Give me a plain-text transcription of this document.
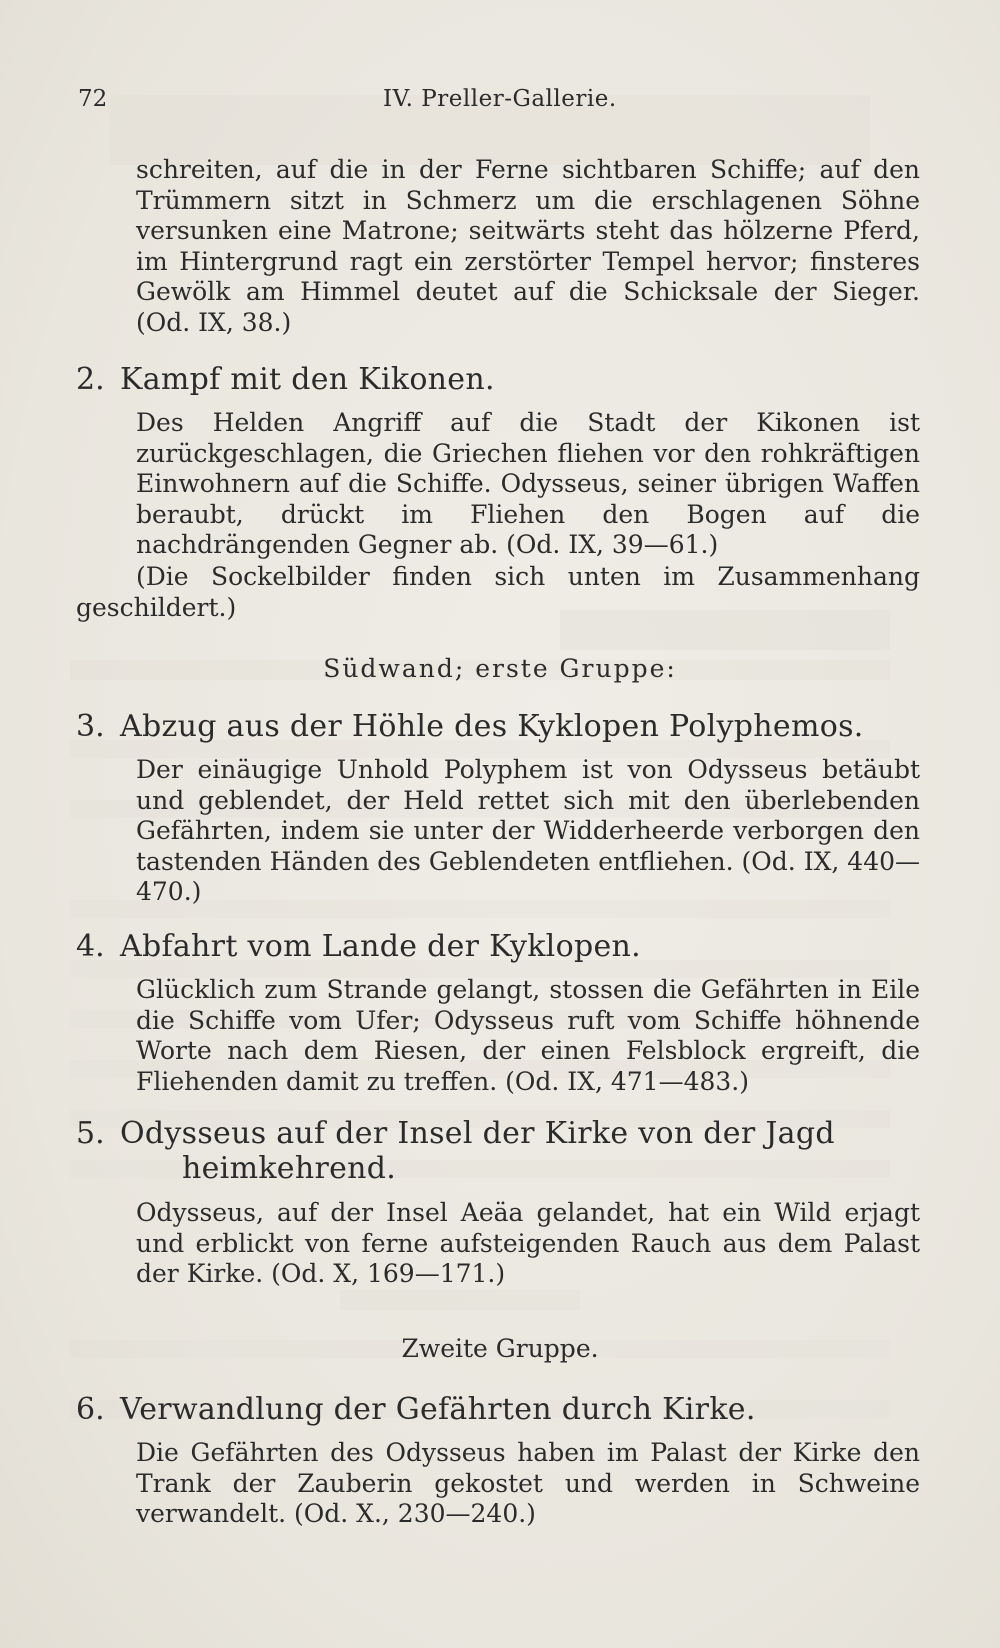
72	IV. Preller-Gallerie.
schreiten, auf die in der Ferne sichtbaren Schiffe; auf den Trümmern sitzt in Schmerz um die erschlagenen Söhne versunken eine Matrone; seitwärts steht das hölzerne Pferd, im Hintergrund ragt ein zerstörter Tempel hervor; finsteres Gewölk am Himmel deutet auf die Schicksale der Sieger. (Od. IX, 38.)
2. Kampf mit den Kikonen.
Des Helden Angriff auf die Stadt der Kikonen ist zurückgeschlagen, die Griechen fliehen vor den rohkräftigen Einwohnern auf die Schiffe. Odysseus, seiner übrigen Waffen beraubt, drückt im Fliehen den Bogen auf die nachdrängenden Gegner ab. (Od. IX, 39—61.)
(Die Sockelbilder finden sich unten im Zusammenhang geschildert.)
Südwand; erste Gruppe:
3. Abzug aus der Höhle des Kyklopen Polyphemos.
Der einäugige Unhold Polyphem ist von Odysseus betäubt und geblendet, der Held rettet sich mit den überlebenden Gefährten, indem sie unter der Widderheerde verborgen den tastenden Händen des Geblendeten entfliehen. (Od. IX, 440—470.)
4. Abfahrt vom Lande der Kyklopen.
Glücklich zum Strande gelangt, stossen die Gefährten in Eile die Schiffe vom Ufer; Odysseus ruft vom Schiffe höhnende Worte nach dem Riesen, der einen Felsblock ergreift, die Fliehenden damit zu treffen. (Od. IX, 471—483.)
5. Odysseus auf der Insel der Kirke von der Jagd
heimkehrend.
Odysseus, auf der Insel Aeäa gelandet, hat ein Wild erjagt und erblickt von ferne aufsteigenden Rauch aus dem Palast der Kirke. (Od. X, 169—171.)
Zweite Gruppe.
6. Verwandlung der Gefährten durch Kirke.
Die Gefährten des Odysseus haben im Palast der Kirke den Trank der Zauberin gekostet und werden in Schweine verwandelt. (Od. X., 230—240.)
